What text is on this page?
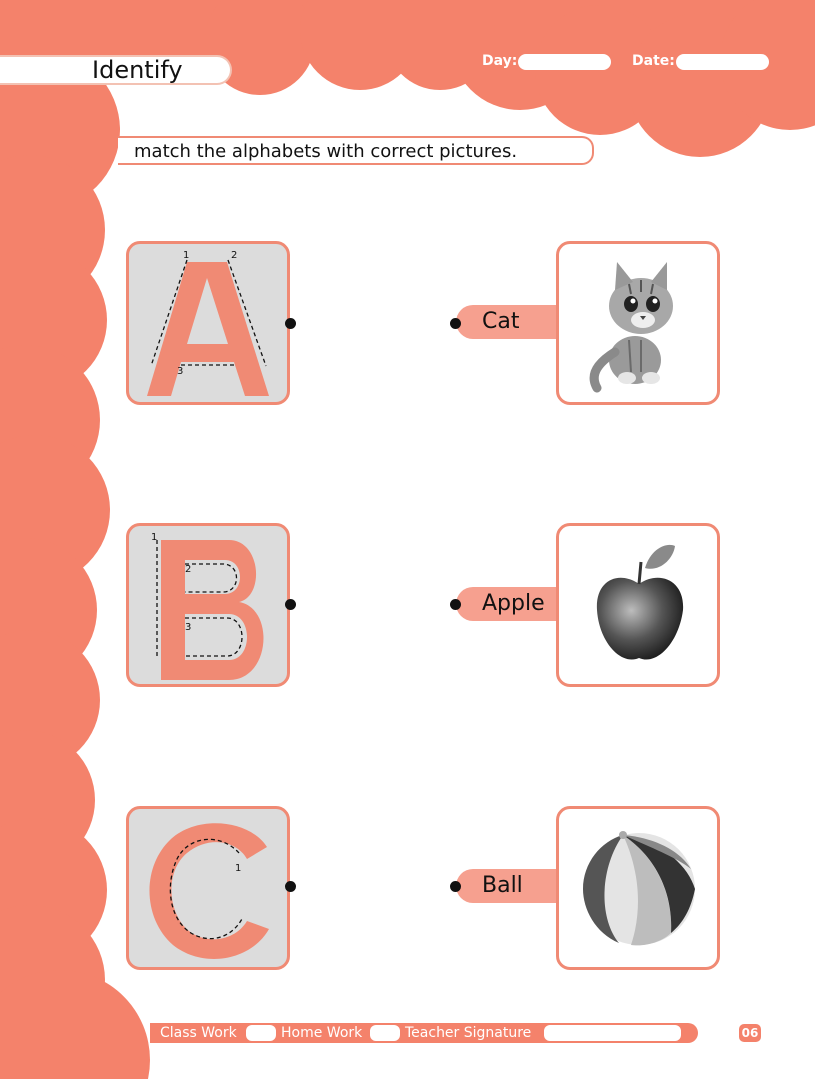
Identify	Day:	Date:
match the alphabets with correct pictures.
1	2
3
1
2
3
1
Cat
Apple
Ball
Class Work	Home Work	Teacher Signature	06
